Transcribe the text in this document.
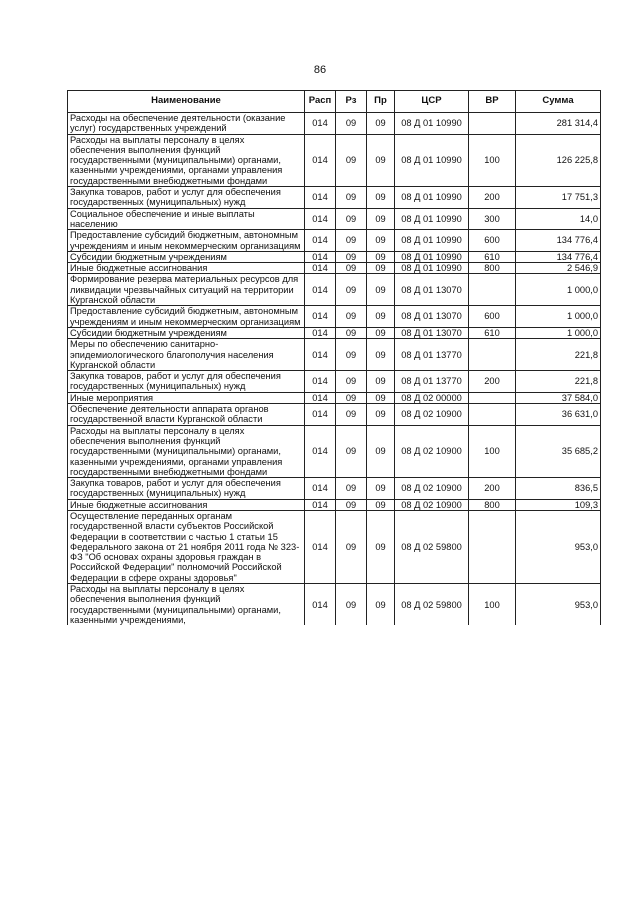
86
Наименование	Расп	Рз	Пр	ЦСР	ВР	Сумма
Расходы на обеспечение деятельности (оказание услуг) государственных учреждений	014	09	09	08 Д 01 10990		281 314,4
Расходы на выплаты персоналу в целях обеспечения выполнения функций государственными (муниципальными) органами, казенными учреждениями, органами управления государственными внебюджетными фондами	014	09	09	08 Д 01 10990	100	126 225,8
Закупка товаров, работ и услуг для обеспечения государственных (муниципальных) нужд	014	09	09	08 Д 01 10990	200	17 751,3
Социальное обеспечение и иные выплаты населению	014	09	09	08 Д 01 10990	300	14,0
Предоставление субсидий бюджетным, автономным учреждениям и иным некоммерческим организациям	014	09	09	08 Д 01 10990	600	134 776,4
Субсидии бюджетным учреждениям	014	09	09	08 Д 01 10990	610	134 776,4
Иные бюджетные ассигнования	014	09	09	08 Д 01 10990	800	2 546,9
Формирование резерва материальных ресурсов для ликвидации чрезвычайных ситуаций на территории Курганской области	014	09	09	08 Д 01 13070		1 000,0
Предоставление субсидий бюджетным, автономным учреждениям и иным некоммерческим организациям	014	09	09	08 Д 01 13070	600	1 000,0
Субсидии бюджетным учреждениям	014	09	09	08 Д 01 13070	610	1 000,0
Меры по обеспечению санитарно-эпидемиологического благополучия населения Курганской области	014	09	09	08 Д 01 13770		221,8
Закупка товаров, работ и услуг для обеспечения государственных (муниципальных) нужд	014	09	09	08 Д 01 13770	200	221,8
Иные мероприятия	014	09	09	08 Д 02 00000		37 584,0
Обеспечение деятельности аппарата органов государственной власти Курганской области	014	09	09	08 Д 02 10900		36 631,0
Расходы на выплаты персоналу в целях обеспечения выполнения функций государственными (муниципальными) органами, казенными учреждениями, органами управления государственными внебюджетными фондами	014	09	09	08 Д 02 10900	100	35 685,2
Закупка товаров, работ и услуг для обеспечения государственных (муниципальных) нужд	014	09	09	08 Д 02 10900	200	836,5
Иные бюджетные ассигнования	014	09	09	08 Д 02 10900	800	109,3
Осуществление переданных органам государственной власти субъектов Российской Федерации в соответствии с частью 1 статьи 15 Федерального закона от 21 ноября 2011 года № 323-ФЗ "Об основах охраны здоровья граждан в Российской Федерации" полномочий Российской Федерации в сфере охраны здоровья"	014	09	09	08 Д 02 59800		953,0
Расходы на выплаты персоналу в целях обеспечения выполнения функций государственными (муниципальными) органами, казенными учреждениями,	014	09	09	08 Д 02 59800	100	953,0
